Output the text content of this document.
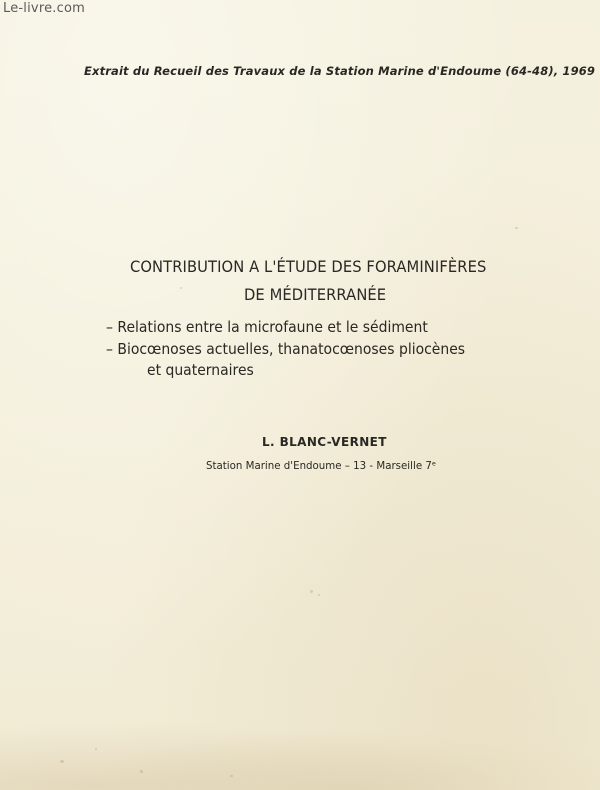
Le-livre.com
Extrait du Recueil des Travaux de la Station Marine d'Endoume (64-48), 1969
CONTRIBUTION A L'ÉTUDE DES FORAMINIFÈRES
DE MÉDITERRANÉE
– Relations entre la microfaune et le sédiment
– Biocœnoses actuelles, thanatocœnoses pliocènes
et quaternaires
L. BLANC-VERNET
Station Marine d'Endoume – 13 - Marseille 7ᵉ
